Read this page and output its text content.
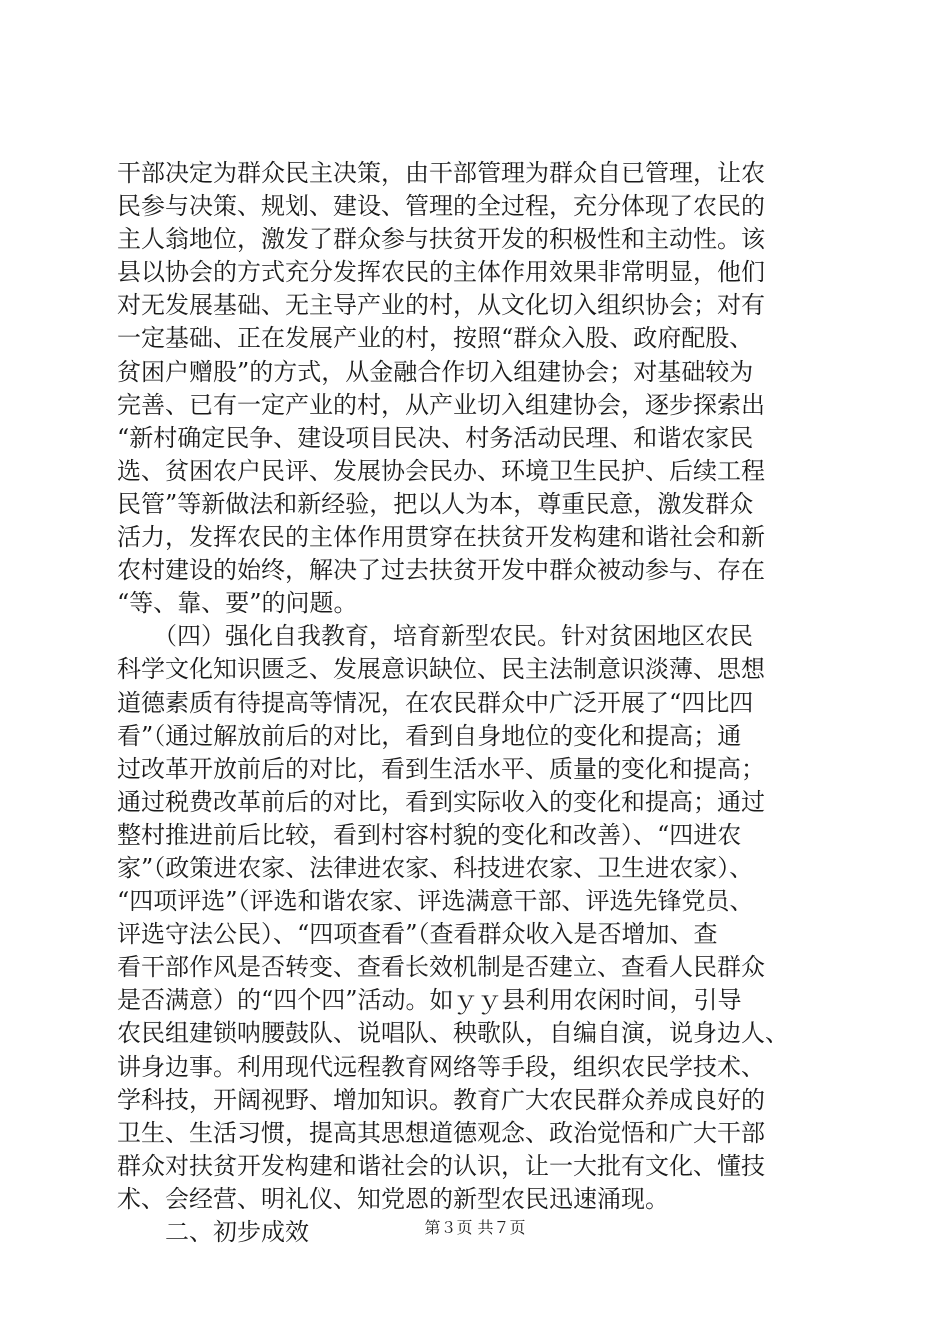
干部决定为群众民主决策，由干部管理为群众自已管理，让农
民参与决策、规划、建设、管理的全过程，充分体现了农民的
主人翁地位，激发了群众参与扶贫开发的积极性和主动性。该
县以协会的方式充分发挥农民的主体作用效果非常明显，他们
对无发展基础、无主导产业的村，从文化切入组织协会；对有
一定基础、正在发展产业的村，按照“群众入股、政府配股、
贫困户赠股”的方式，从金融合作切入组建协会；对基础较为
完善、已有一定产业的村，从产业切入组建协会，逐步探索出
“新村确定民争、建设项目民决、村务活动民理、和谐农家民
选、贫困农户民评、发展协会民办、环境卫生民护、后续工程
民管”等新做法和新经验，把以人为本，尊重民意，激发群众
活力，发挥农民的主体作用贯穿在扶贫开发构建和谐社会和新
农村建设的始终，解决了过去扶贫开发中群众被动参与、存在
“等、靠、要”的问题。
　　（四）强化自我教育，培育新型农民。针对贫困地区农民
科学文化知识匮乏、发展意识缺位、民主法制意识淡薄、思想
道德素质有待提高等情况，在农民群众中广泛开展了“四比四
看”（通过解放前后的对比，看到自身地位的变化和提高；通
过改革开放前后的对比，看到生活水平、质量的变化和提高；
通过税费改革前后的对比，看到实际收入的变化和提高；通过
整村推进前后比较，看到村容村貌的变化和改善）、“四进农
家”（政策进农家、法律进农家、科技进农家、卫生进农家）、
“四项评选”（评选和谐农家、评选满意干部、评选先锋党员、
评选守法公民）、“四项查看”（查看群众收入是否增加、查
看干部作风是否转变、查看长效机制是否建立、查看人民群众
是否满意）的“四个四”活动。如ｙｙ县利用农闲时间，引导
农民组建锁呐腰鼓队、说唱队、秧歌队，自编自演，说身边人、
讲身边事。利用现代远程教育网络等手段，组织农民学技术、
学科技，开阔视野、增加知识。教育广大农民群众养成良好的
卫生、生活习惯，提高其思想道德观念、政治觉悟和广大干部
群众对扶贫开发构建和谐社会的认识，让一大批有文化、懂技
术、会经营、明礼仪、知党恩的新型农民迅速涌现。
　　二、初步成效	第３页 共７页
